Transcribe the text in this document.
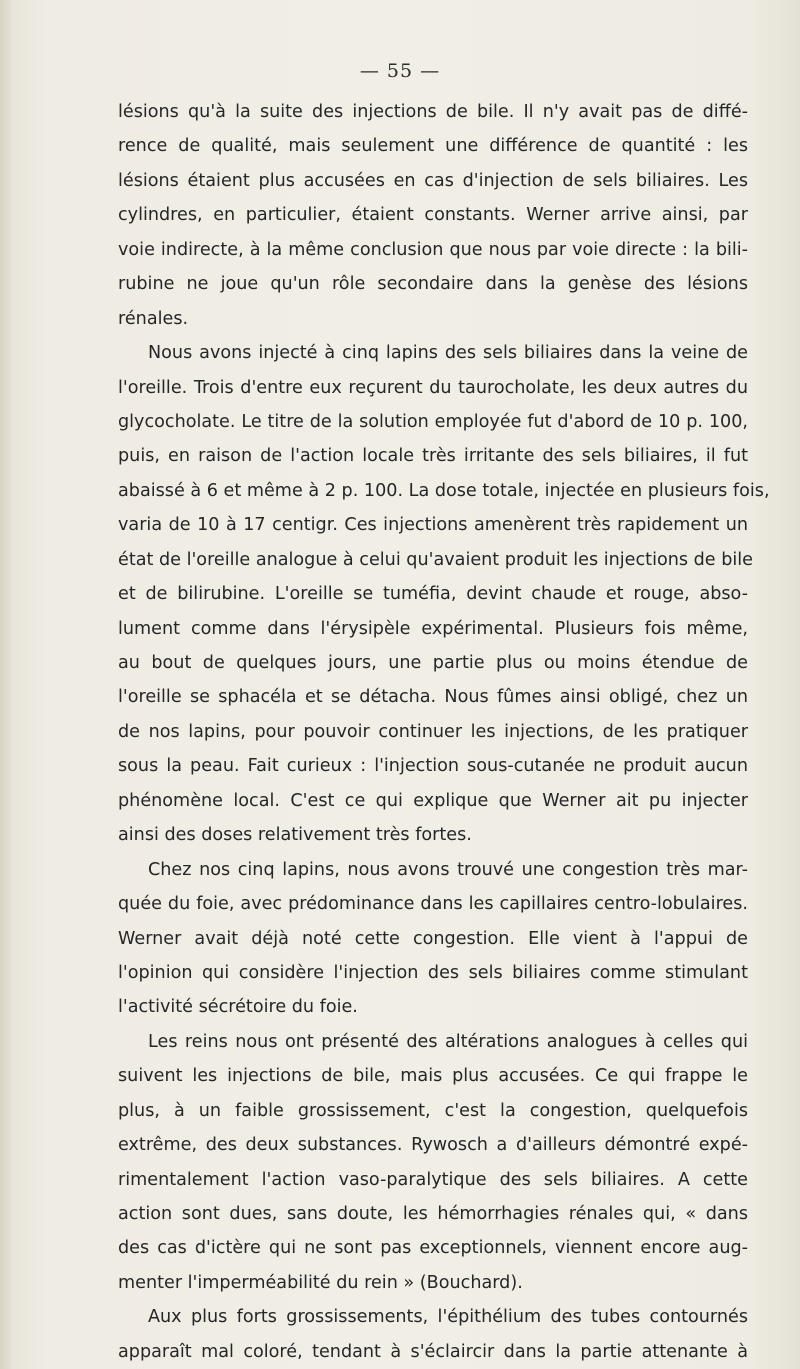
— 55 —
lésions qu'à la suite des injections de bile. Il n'y avait pas de diffé-
rence de qualité, mais seulement une différence de quantité : les
lésions étaient plus accusées en cas d'injection de sels biliaires. Les
cylindres, en particulier, étaient constants. Werner arrive ainsi, par
voie indirecte, à la même conclusion que nous par voie directe : la bili-
rubine ne joue qu'un rôle secondaire dans la genèse des lésions
rénales.
Nous avons injecté à cinq lapins des sels biliaires dans la veine de
l'oreille. Trois d'entre eux reçurent du taurocholate, les deux autres du
glycocholate. Le titre de la solution employée fut d'abord de 10 p. 100,
puis, en raison de l'action locale très irritante des sels biliaires, il fut
abaissé à 6 et même à 2 p. 100. La dose totale, injectée en plusieurs fois,
varia de 10 à 17 centigr. Ces injections amenèrent très rapidement un
état de l'oreille analogue à celui qu'avaient produit les injections de bile
et de bilirubine. L'oreille se tuméfia, devint chaude et rouge, abso-
lument comme dans l'érysipèle expérimental. Plusieurs fois même,
au bout de quelques jours, une partie plus ou moins étendue de
l'oreille se sphacéla et se détacha. Nous fûmes ainsi obligé, chez un
de nos lapins, pour pouvoir continuer les injections, de les pratiquer
sous la peau. Fait curieux : l'injection sous-cutanée ne produit aucun
phénomène local. C'est ce qui explique que Werner ait pu injecter
ainsi des doses relativement très fortes.
Chez nos cinq lapins, nous avons trouvé une congestion très mar-
quée du foie, avec prédominance dans les capillaires centro-lobulaires.
Werner avait déjà noté cette congestion. Elle vient à l'appui de
l'opinion qui considère l'injection des sels biliaires comme stimulant
l'activité sécrétoire du foie.
Les reins nous ont présenté des altérations analogues à celles qui
suivent les injections de bile, mais plus accusées. Ce qui frappe le
plus, à un faible grossissement, c'est la congestion, quelquefois
extrême, des deux substances. Rywosch a d'ailleurs démontré expé-
rimentalement l'action vaso-paralytique des sels biliaires. A cette
action sont dues, sans doute, les hémorrhagies rénales qui, « dans
des cas d'ictère qui ne sont pas exceptionnels, viennent encore aug-
menter l'imperméabilité du rein » (Bouchard).
Aux plus forts grossissements, l'épithélium des tubes contournés
apparaît mal coloré, tendant à s'éclaircir dans la partie attenante à
